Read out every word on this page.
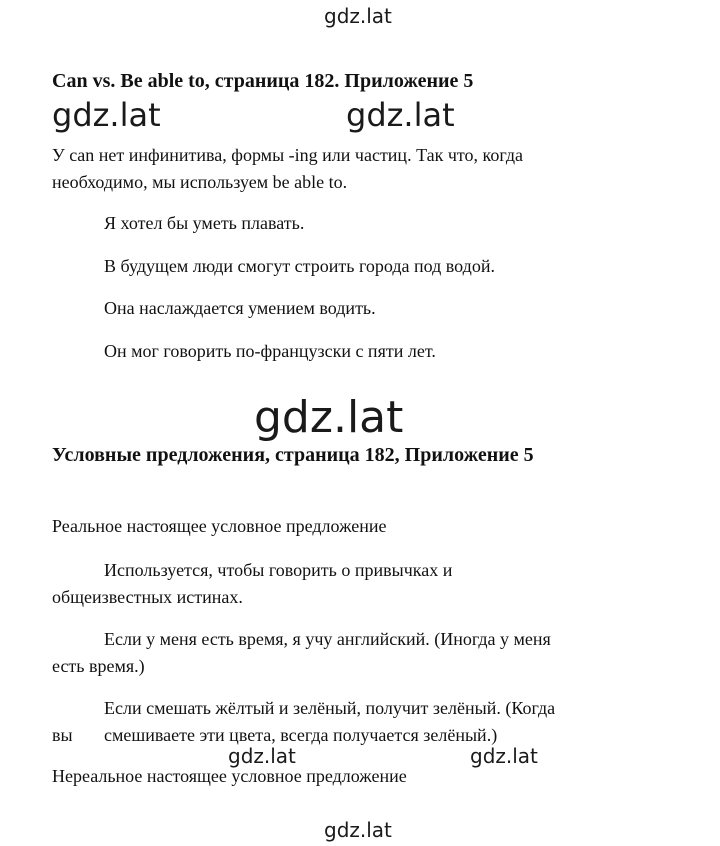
gdz.lat
gdz.lat	gdz.lat
Can vs. Be able to, страница 182. Приложение 5
У can нет инфинитива, формы -ing или частиц. Так что, когда
необходимо, мы используем be able to.
Я хотел бы уметь плавать.
В будущем люди смогут строить города под водой.
Она наслаждается умением водить.
Он мог говорить по-французски с пяти лет.
gdz.lat
Условные предложения, страница 182, Приложение 5
Реальное настоящее условное предложение
Используется, чтобы говорить о привычках и
общеизвестных истинах.
Если у меня есть время, я учу английский. (Иногда у меня
есть время.)
Если смешать жёлтый и зелёный, получит зелёный. (Когда
вы смешиваете эти цвета, всегда получается зелёный.)
gdz.lat	gdz.lat
Нереальное настоящее условное предложение
gdz.lat
